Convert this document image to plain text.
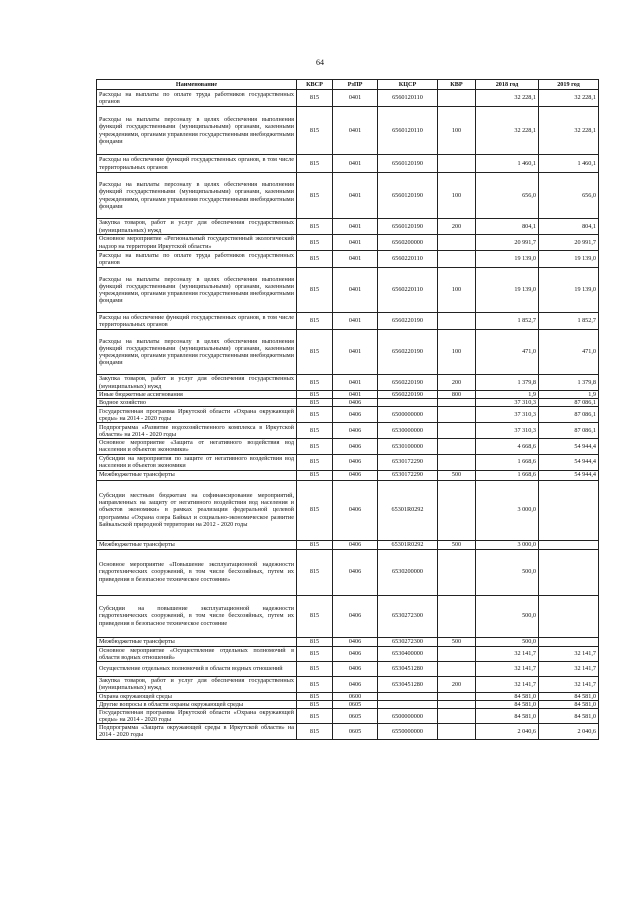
64
Наименование	КВСР	РзПР	КЦСР	КВР	2018 год	2019 год
Расходы на выплаты по оплате труда работников государственных органов	815	0401	6560120110		32 228,1	32 228,1
Расходы на выплаты персоналу в целях обеспечения выполнения функций государственными (муниципальными) органами, казенными учреждениями, органами управления государственными внебюджетными фондами	815	0401	6560120110	100	32 228,1	32 228,1
Расходы на обеспечение функций государственных органов, в том числе территориальных органов	815	0401	6560120190		1 460,1	1 460,1
Расходы на выплаты персоналу в целях обеспечения выполнения функций государственными (муниципальными) органами, казенными учреждениями, органами управления государственными внебюджетными фондами	815	0401	6560120190	100	656,0	656,0
Закупка товаров, работ и услуг для обеспечения государственных (муниципальных) нужд	815	0401	6560120190	200	804,1	804,1
Основное мероприятие «Региональный государственный экологический надзор на территории Иркутской области»	815	0401	6560200000		20 991,7	20 991,7
Расходы на выплаты по оплате труда работников государственных органов	815	0401	6560220110		19 139,0	19 139,0
Расходы на выплаты персоналу в целях обеспечения выполнения функций государственными (муниципальными) органами, казенными учреждениями, органами управления государственными внебюджетными фондами	815	0401	6560220110	100	19 139,0	19 139,0
Расходы на обеспечение функций государственных органов, в том числе территориальных органов	815	0401	6560220190		1 852,7	1 852,7
Расходы на выплаты персоналу в целях обеспечения выполнения функций государственными (муниципальными) органами, казенными учреждениями, органами управления государственными внебюджетными фондами	815	0401	6560220190	100	471,0	471,0
Закупка товаров, работ и услуг для обеспечения государственных (муниципальных) нужд	815	0401	6560220190	200	1 379,8	1 379,8
Иные бюджетные ассигнования	815	0401	6560220190	800	1,9	1,9
Водное хозяйство	815	0406			37 310,3	87 086,1
Государственная программа Иркутской области «Охрана окружающей среды» на 2014 - 2020 годы	815	0406	6500000000		37 310,3	87 086,1
Подпрограмма «Развитие водохозяйственного комплекса в Иркутской области» на 2014 - 2020 годы	815	0406	6530000000		37 310,3	87 086,1
Основное мероприятие «Защита от негативного воздействия вод населения и объектов экономики»	815	0406	6530100000		4 668,6	54 944,4
Субсидии на мероприятия по защите от негативного воздействия вод населения и объектов экономики	815	0406	6530172290		1 668,6	54 944,4
Межбюджетные трансферты	815	0406	6530172290	500	1 668,6	54 944,4
Субсидии местным бюджетам на софинансирование мероприятий, направленных на защиту от негативного воздействия вод населения и объектов экономики» в рамках реализации федеральной целевой программы «Охрана озера Байкал и социально-экономическое развитие Байкальской природной территории на 2012 - 2020 годы	815	0406	65301R0292		3 000,0	
Межбюджетные трансферты	815	0406	65301R0292	500	3 000,0	
Основное мероприятие «Повышение эксплуатационной надежности гидротехнических сооружений, в том числе бесхозяйных, путем их приведения в безопасное техническое состояние»	815	0406	6530200000		500,0	
Субсидии на повышение эксплуатационной надежности гидротехнических сооружений, в том числе бесхозяйных, путем их приведения в безопасное техническое состояние	815	0406	6530272300		500,0	
Межбюджетные трансферты	815	0406	6530272300	500	500,0	
Основное мероприятие «Осуществление отдельных полномочий в области водных отношений»	815	0406	6530400000		32 141,7	32 141,7
Осуществление отдельных полномочий в области водных отношений	815	0406	6530451280		32 141,7	32 141,7
Закупка товаров, работ и услуг для обеспечения государственных (муниципальных) нужд	815	0406	6530451280	200	32 141,7	32 141,7
Охрана окружающей среды	815	0600			84 581,0	84 581,0
Другие вопросы в области охраны окружающей среды	815	0605			84 581,0	84 581,0
Государственная программа Иркутской области «Охрана окружающей среды» на 2014 - 2020 годы	815	0605	6500000000		84 581,0	84 581,0
Подпрограмма «Защита окружающей среды в Иркутской области» на 2014 - 2020 годы	815	0605	6550000000		2 040,6	2 040,6
